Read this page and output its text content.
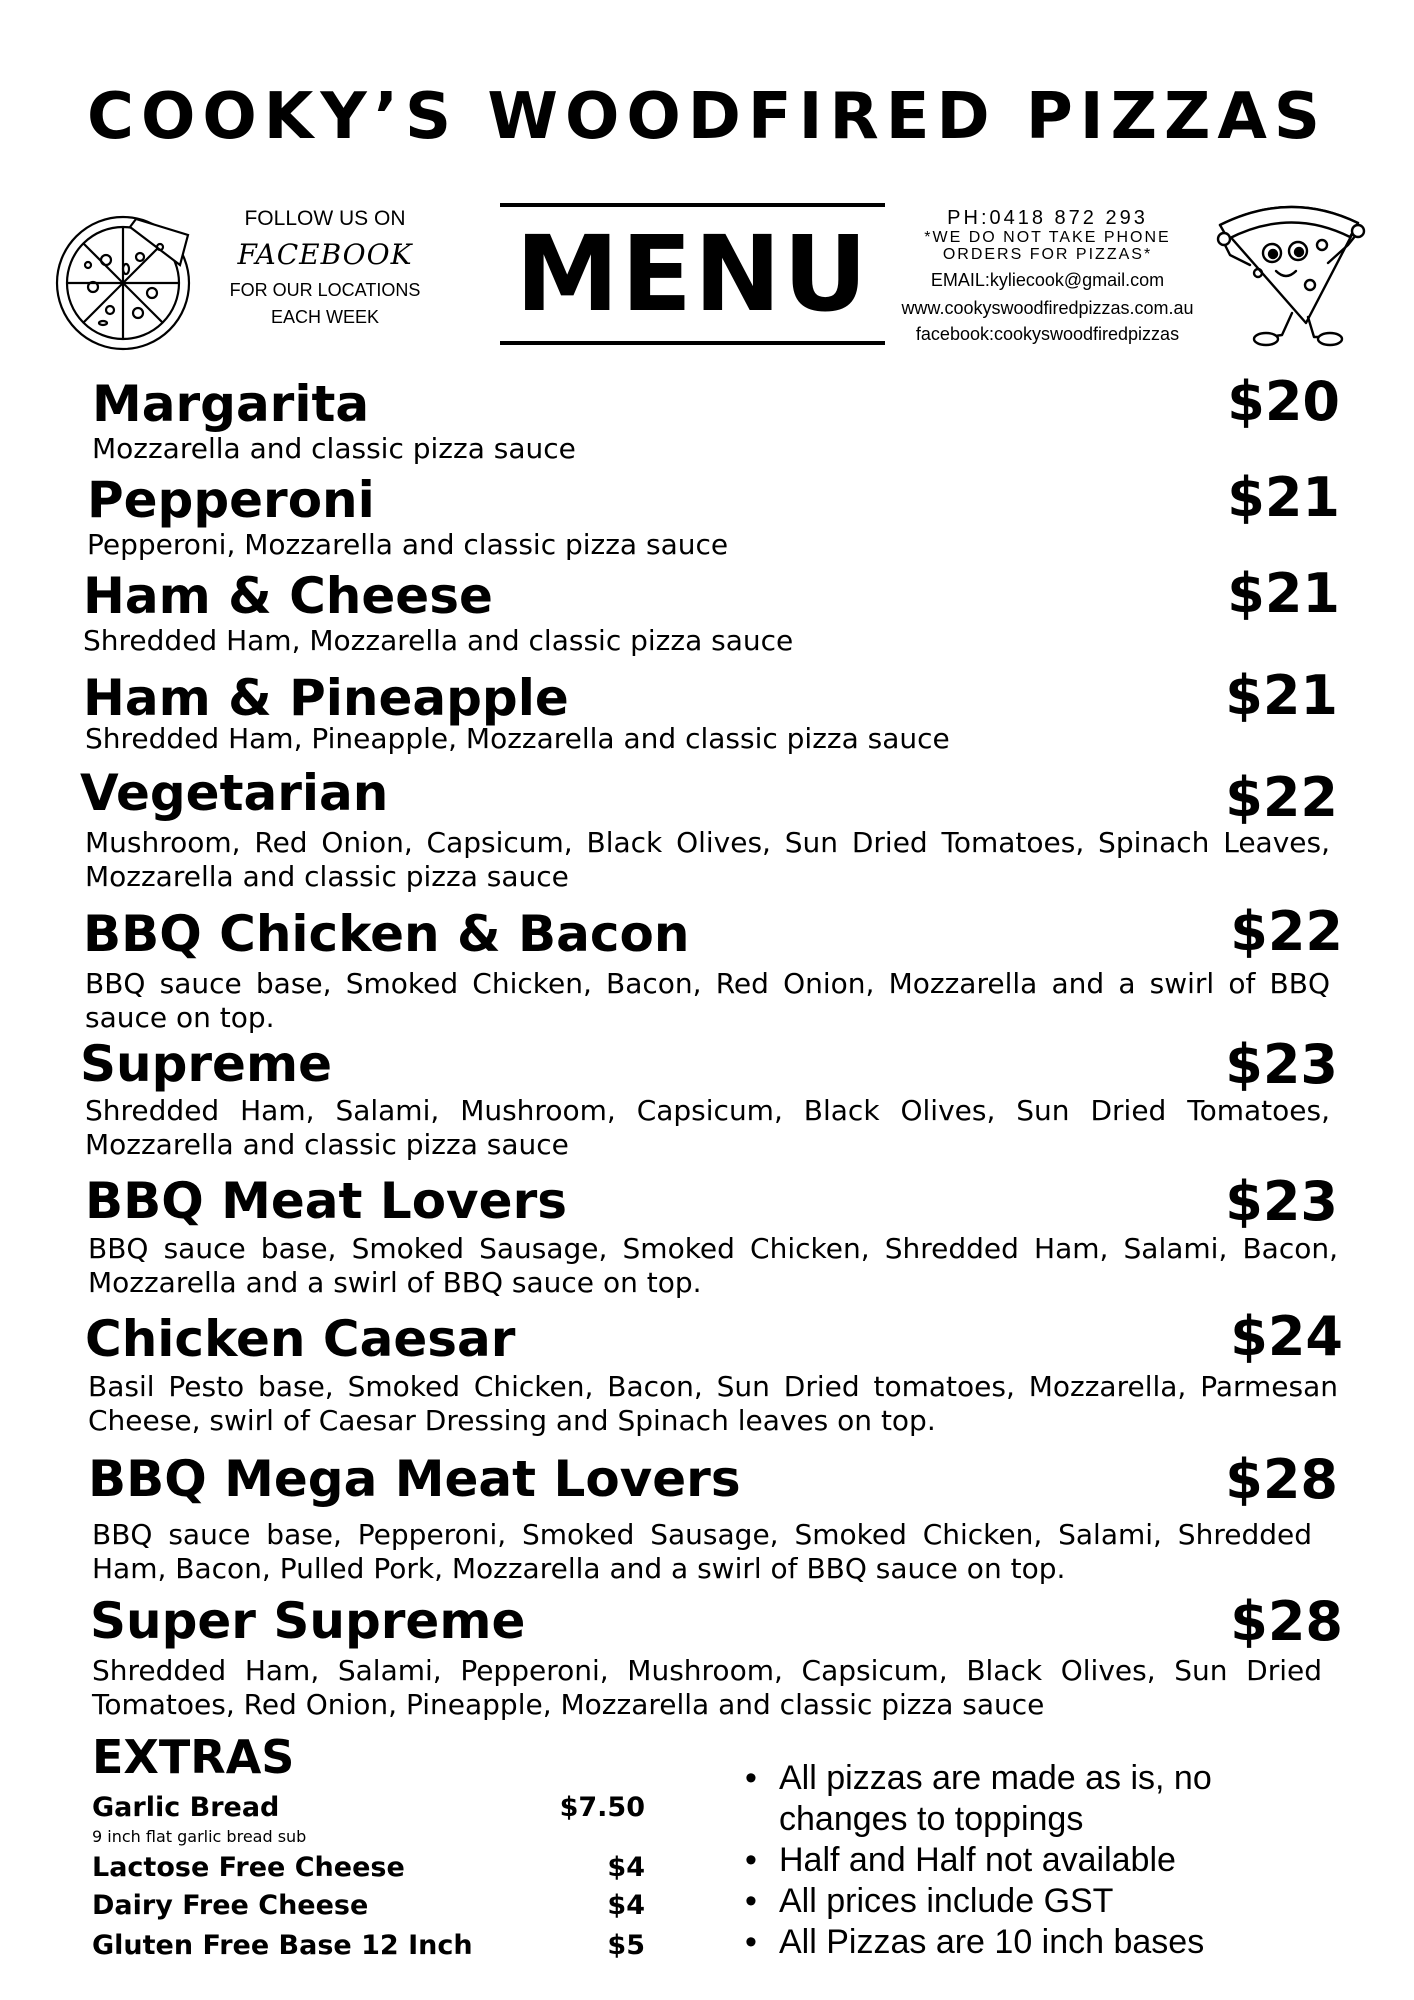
COOKY’S WOODFIRED PIZZAS
FOLLOW US ON
FACEBOOK
FOR OUR LOCATIONS
EACH WEEK	MENU	PH:0418 872 293
*WE DO NOT TAKE PHONE
ORDERS FOR PIZZAS*
EMAIL:kyliecook@gmail.com
www.cookyswoodfiredpizzas.com.au
facebook:cookyswoodfiredpizzas
Margarita	$20
Mozzarella and classic pizza sauce
Pepperoni	$21
Pepperoni, Mozzarella and classic pizza sauce
Ham & Cheese	$21
Shredded Ham, Mozzarella and classic pizza sauce
Ham & Pineapple	$21
Shredded Ham, Pineapple, Mozzarella and classic pizza sauce
Vegetarian	$22
Mushroom, Red Onion, Capsicum, Black Olives, Sun Dried Tomatoes, Spinach Leaves, Mozzarella and classic pizza sauce
BBQ Chicken & Bacon	$22
BBQ sauce base, Smoked Chicken, Bacon, Red Onion, Mozzarella and a swirl of BBQ sauce on top.
Supreme	$23
Shredded Ham, Salami, Mushroom, Capsicum, Black Olives, Sun Dried Tomatoes, Mozzarella and classic pizza sauce
BBQ Meat Lovers	$23
BBQ sauce base, Smoked Sausage, Smoked Chicken, Shredded Ham, Salami, Bacon, Mozzarella and a swirl of BBQ sauce on top.
Chicken Caesar	$24
Basil Pesto base, Smoked Chicken, Bacon, Sun Dried tomatoes, Mozzarella, Parmesan Cheese, swirl of Caesar Dressing and Spinach leaves on top.
BBQ Mega Meat Lovers	$28
BBQ sauce base, Pepperoni, Smoked Sausage, Smoked Chicken, Salami, Shredded Ham, Bacon, Pulled Pork, Mozzarella and a swirl of BBQ sauce on top.
Super Supreme	$28
Shredded Ham, Salami, Pepperoni, Mushroom, Capsicum, Black Olives, Sun Dried Tomatoes, Red Onion, Pineapple, Mozzarella and classic pizza sauce
EXTRAS
Garlic Bread	$7.50
9 inch flat garlic bread sub
Lactose Free Cheese	$4
Dairy Free Cheese	$4
Gluten Free Base 12 Inch	$5
• All pizzas are made as is, no changes to toppings
• Half and Half not available
• All prices include GST
• All Pizzas are 10 inch bases
